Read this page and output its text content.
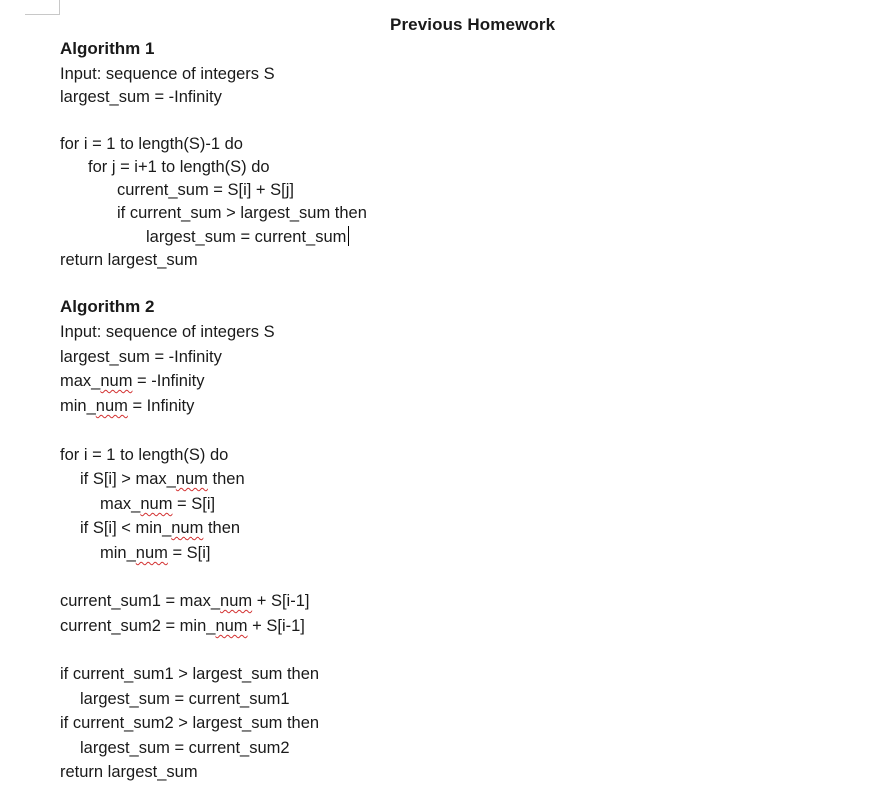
Previous Homework
Algorithm 1
Input: sequence of integers S
largest_sum = -Infinity
for i = 1 to length(S)-1 do
for j = i+1 to length(S) do
current_sum = S[i] + S[j]
if current_sum > largest_sum then
largest_sum = current_sum
return largest_sum
Algorithm 2
Input: sequence of integers S
largest_sum = -Infinity
max_num = -Infinity
min_num = Infinity
for i = 1 to length(S) do
if S[i] > max_num then
max_num = S[i]
if S[i] < min_num then
min_num = S[i]
current_sum1 = max_num + S[i-1]
current_sum2 = min_num + S[i-1]
if current_sum1 > largest_sum then
largest_sum = current_sum1
if current_sum2 > largest_sum then
largest_sum = current_sum2
return largest_sum
